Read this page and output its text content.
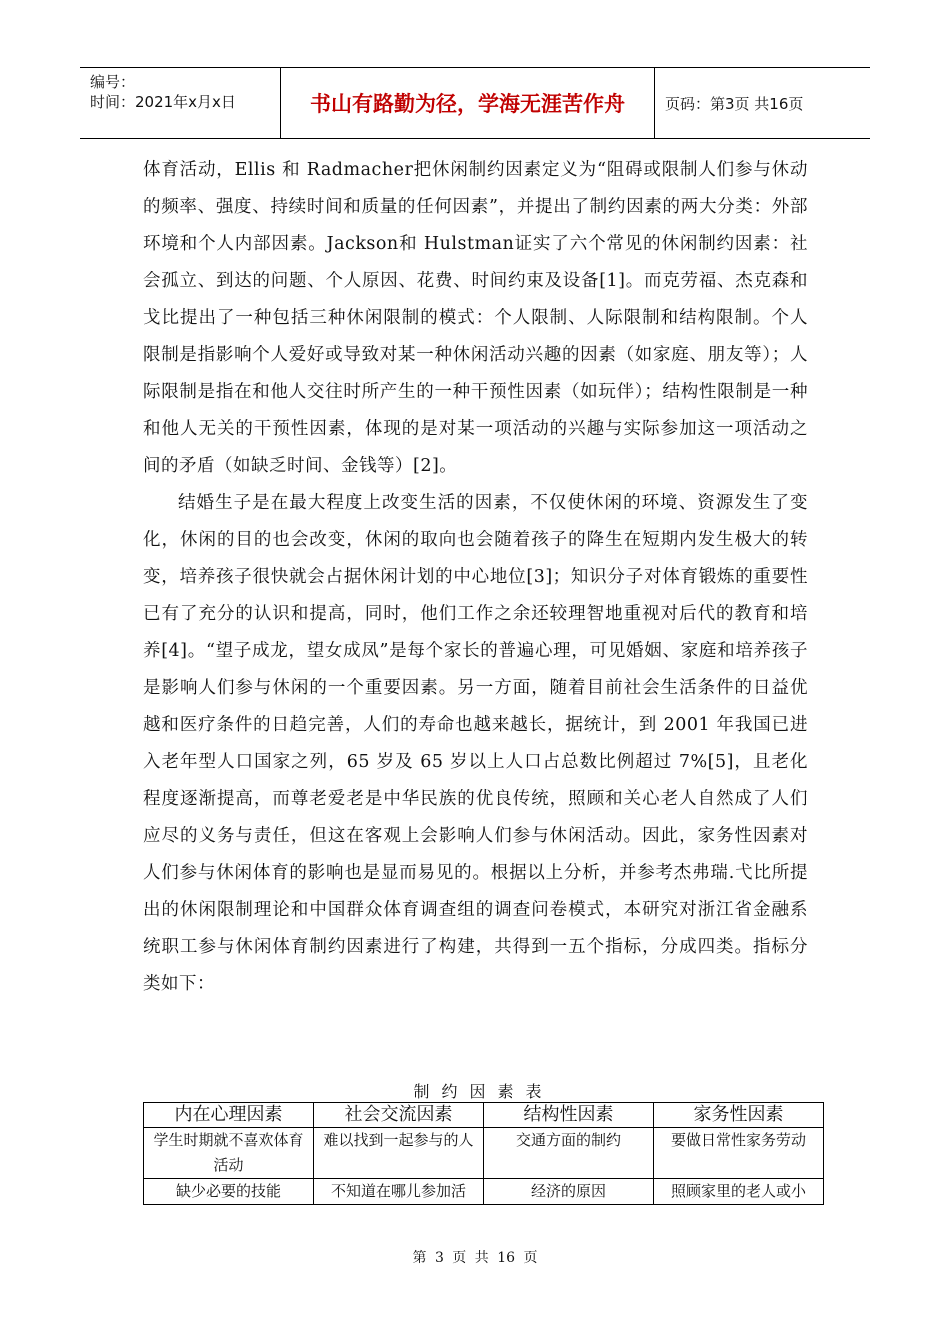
编号：
时间：2021年x月x日	书山有路勤为径，学海无涯苦作舟	页码：第3页 共16页

体育活动，Ellis 和 Radmacher把休闲制约因素定义为“阻碍或限制人们参与休动的频率、强度、持续时间和质量的任何因素”，并提出了制约因素的两大分类：外部环境和个人内部因素。Jackson和 Hulstman证实了六个常见的休闲制约因素：社会孤立、到达的问题、个人原因、花费、时间约束及设备[1]。而克劳福、杰克森和戈比提出了一种包括三种休闲限制的模式：个人限制、人际限制和结构限制。个人限制是指影响个人爱好或导致对某一种休闲活动兴趣的因素（如家庭、朋友等）；人际限制是指在和他人交往时所产生的一种干预性因素（如玩伴）；结构性限制是一种和他人无关的干预性因素，体现的是对某一项活动的兴趣与实际参加这一项活动之间的矛盾（如缺乏时间、金钱等）[2]。

结婚生子是在最大程度上改变生活的因素，不仅使休闲的环境、资源发生了变化，休闲的目的也会改变，休闲的取向也会随着孩子的降生在短期内发生极大的转变，培养孩子很快就会占据休闲计划的中心地位[3]；知识分子对体育锻炼的重要性已有了充分的认识和提高，同时，他们工作之余还较理智地重视对后代的教育和培养[4]。“望子成龙，望女成凤”是每个家长的普遍心理，可见婚姻、家庭和培养孩子是影响人们参与休闲的一个重要因素。另一方面，随着目前社会生活条件的日益优越和医疗条件的日趋完善，人们的寿命也越来越长，据统计，到 2001 年我国已进入老年型人口国家之列，65 岁及 65 岁以上人口占总数比例超过 7%[5]，且老化程度逐渐提高，而尊老爱老是中华民族的优良传统，照顾和关心老人自然成了人们应尽的义务与责任，但这在客观上会影响人们参与休闲活动。因此，家务性因素对人们参与休闲体育的影响也是显而易见的。根据以上分析，并参考杰弗瑞.弋比所提出的休闲限制理论和中国群众体育调查组的调查问卷模式，本研究对浙江省金融系统职工参与休闲体育制约因素进行了构建，共得到一五个指标，分成四类。指标分类如下：

制约因素表
内在心理因素	社会交流因素	结构性因素	家务性因素
学生时期就不喜欢体育活动	难以找到一起参与的人	交通方面的制约	要做日常性家务劳动
缺少必要的技能	不知道在哪儿参加活	经济的原因	照顾家里的老人或小
第 3 页 共 16 页
